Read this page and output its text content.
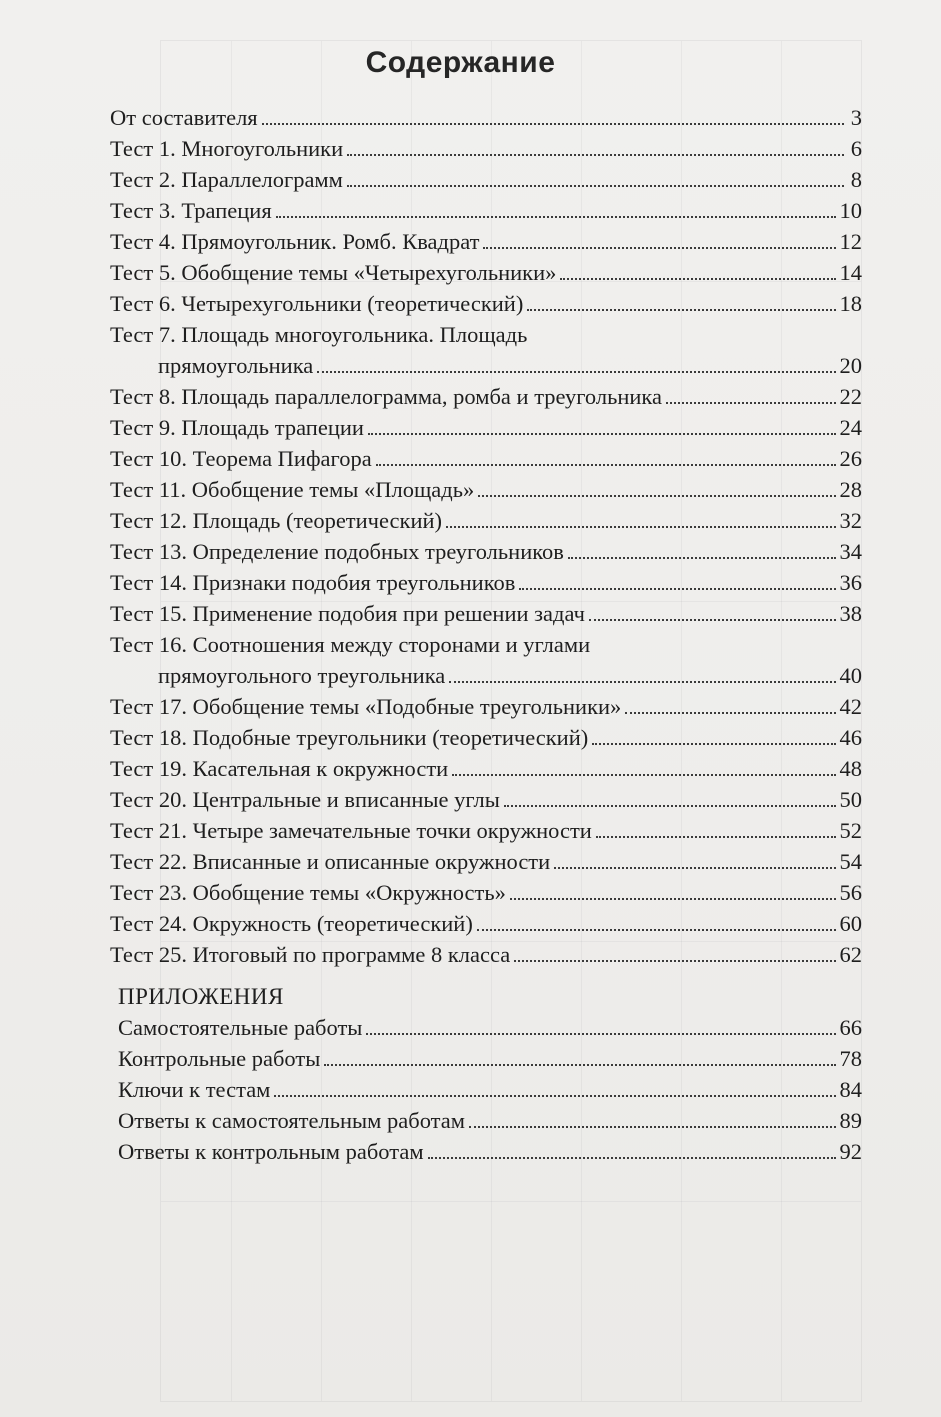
Содержание
От составителя	3
Тест 1. Многоугольники	6
Тест 2. Параллелограмм	8
Тест 3. Трапеция	10
Тест 4. Прямоугольник. Ромб. Квадрат	12
Тест 5. Обобщение темы «Четырехугольники»	14
Тест 6. Четырехугольники (теоретический)	18
Тест 7. Площадь многоугольника. Площадь
прямоугольника	20
Тест 8. Площадь параллелограмма, ромба и треугольника	22
Тест 9. Площадь трапеции	24
Тест 10. Теорема Пифагора	26
Тест 11. Обобщение темы «Площадь»	28
Тест 12. Площадь (теоретический)	32
Тест 13. Определение подобных треугольников	34
Тест 14. Признаки подобия треугольников	36
Тест 15. Применение подобия при решении задач	38
Тест 16. Соотношения между сторонами и углами
прямоугольного треугольника	40
Тест 17. Обобщение темы «Подобные треугольники»	42
Тест 18. Подобные треугольники (теоретический)	46
Тест 19. Касательная к окружности	48
Тест 20. Центральные и вписанные углы	50
Тест 21. Четыре замечательные точки окружности	52
Тест 22. Вписанные и описанные окружности	54
Тест 23. Обобщение темы «Окружность»	56
Тест 24. Окружность (теоретический)	60
Тест 25. Итоговый по программе 8 класса	62
ПРИЛОЖЕНИЯ
Самостоятельные работы	66
Контрольные работы	78
Ключи к тестам	84
Ответы к самостоятельным работам	89
Ответы к контрольным работам	92
